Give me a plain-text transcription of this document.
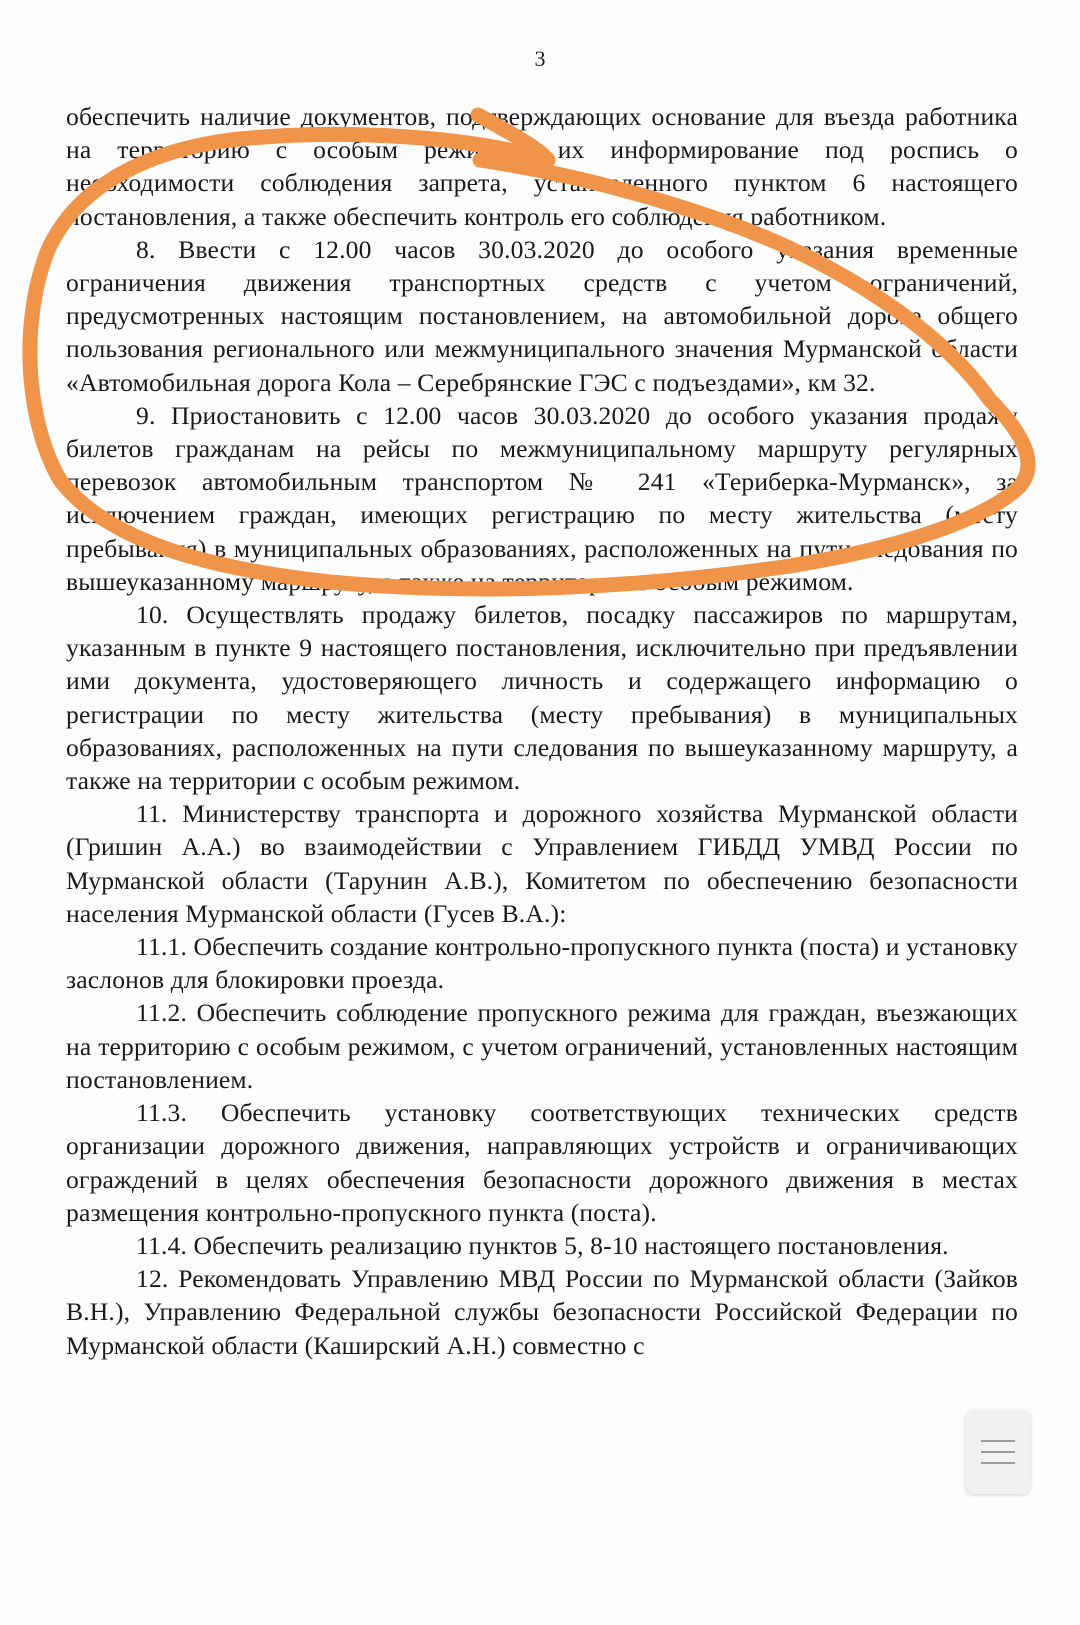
3

обеспечить наличие документов, подтверждающих основание для въезда работника на территорию с особым режимом, их информирование под роспись о необходимости соблюдения запрета, установленного пунктом 6 настоящего постановления, а также обеспечить контроль его соблюдения работником.

8. Ввести с 12.00 часов 30.03.2020 до особого указания временные ограничения движения транспортных средств с учетом ограничений, предусмотренных настоящим постановлением, на автомобильной дороге общего пользования регионального или межмуниципального значения Мурманской области «Автомобильная дорога Кола – Серебрянские ГЭС с подъездами», км 32.

9. Приостановить с 12.00 часов 30.03.2020 до особого указания продажу билетов гражданам на рейсы по межмуниципальному маршруту регулярных перевозок автомобильным транспортом № 241 «Териберка-Мурманск», за исключением граждан, имеющих регистрацию по месту жительства (месту пребывания) в муниципальных образованиях, расположенных на пути следования по вышеуказанному маршруту, а также на территории с особым режимом.

10. Осуществлять продажу билетов, посадку пассажиров по маршрутам, указанным в пункте 9 настоящего постановления, исключительно при предъявлении ими документа, удостоверяющего личность и содержащего информацию о регистрации по месту жительства (месту пребывания) в муниципальных образованиях, расположенных на пути следования по вышеуказанному маршруту, а также на территории с особым режимом.

11. Министерству транспорта и дорожного хозяйства Мурманской области (Гришин А.А.) во взаимодействии с Управлением ГИБДД УМВД России по Мурманской области (Тарунин А.В.), Комитетом по обеспечению безопасности населения Мурманской области (Гусев В.А.):

11.1. Обеспечить создание контрольно-пропускного пункта (поста) и установку заслонов для блокировки проезда.

11.2. Обеспечить соблюдение пропускного режима для граждан, въезжающих на территорию с особым режимом, с учетом ограничений, установленных настоящим постановлением.

11.3. Обеспечить установку соответствующих технических средств организации дорожного движения, направляющих устройств и ограничивающих ограждений в целях обеспечения безопасности дорожного движения в местах размещения контрольно-пропускного пункта (поста).

11.4. Обеспечить реализацию пунктов 5, 8-10 настоящего постановления.

12. Рекомендовать Управлению МВД России по Мурманской области (Зайков В.Н.), Управлению Федеральной службы безопасности Российской Федерации по Мурманской области (Каширский А.Н.) совместно с
